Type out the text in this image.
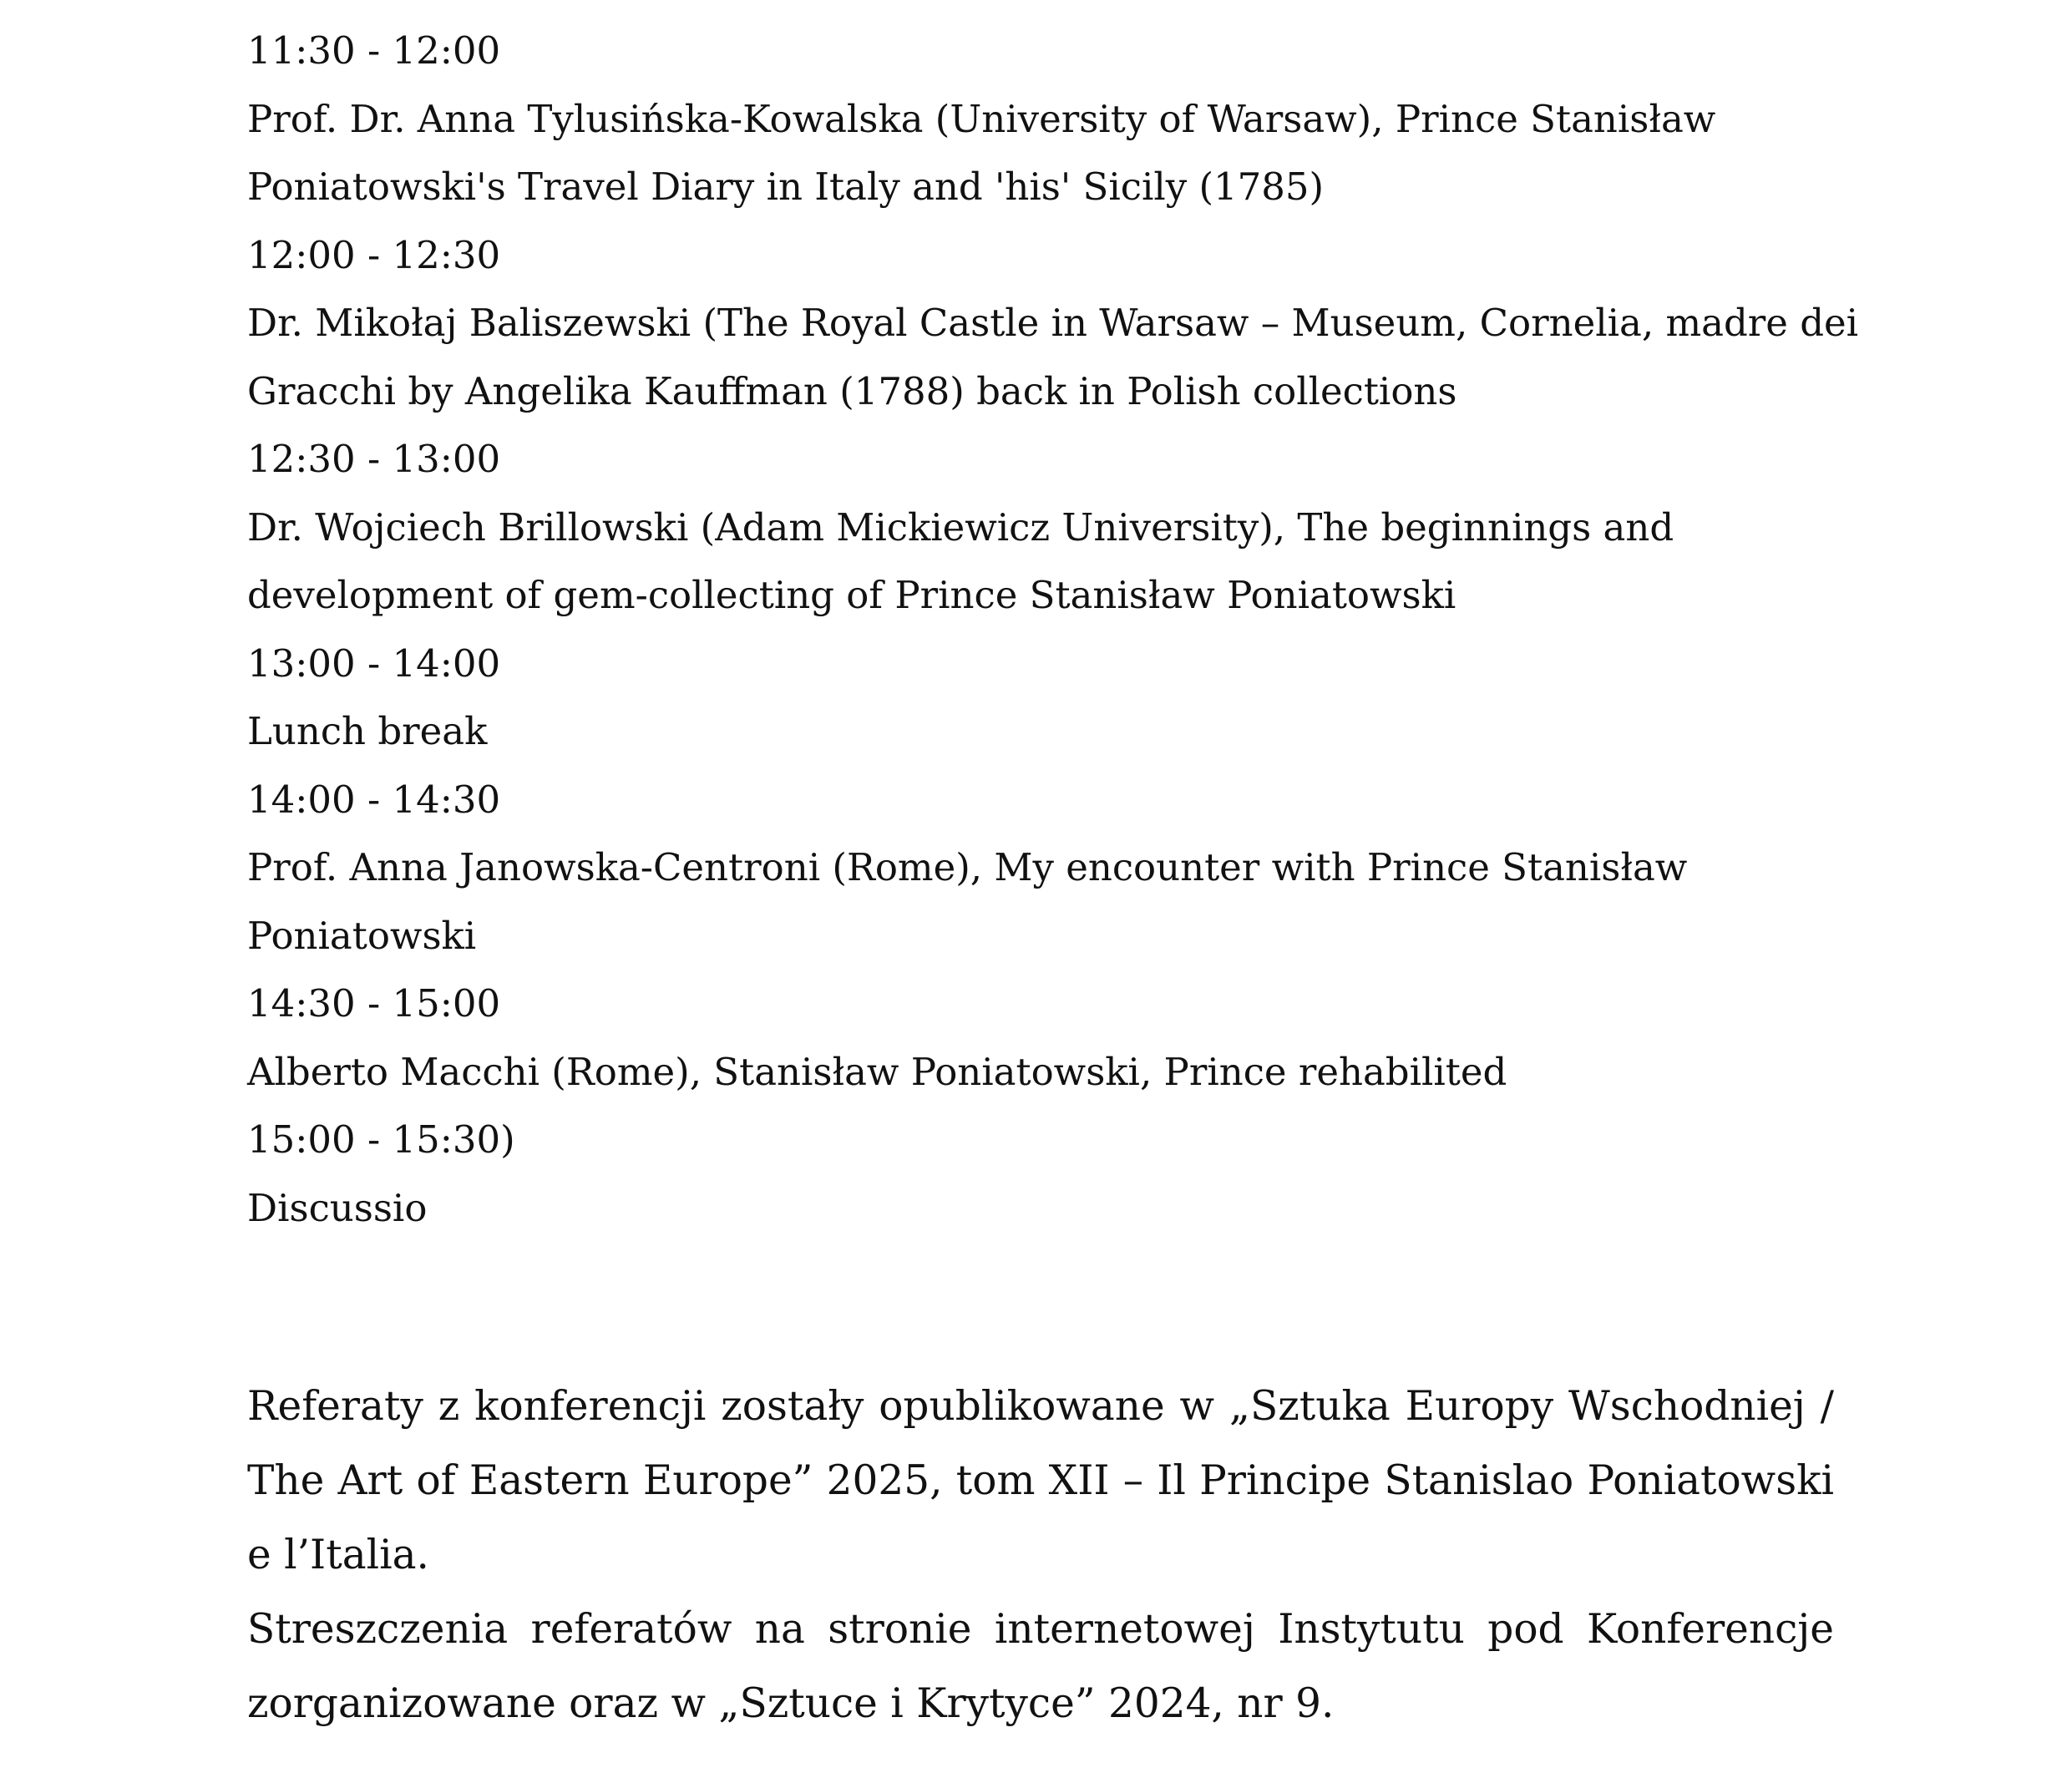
11:30 - 12:00
Prof. Dr. Anna Tylusińska-Kowalska (University of Warsaw), Prince Stanisław Poniatowski's Travel Diary in Italy and 'his' Sicily (1785)
12:00 - 12:30
Dr. Mikołaj Baliszewski (The Royal Castle in Warsaw – Museum, Cornelia, madre dei Gracchi by Angelika Kauffman (1788) back in Polish collections
12:30 - 13:00
Dr. Wojciech Brillowski (Adam Mickiewicz University), The beginnings and development of gem-collecting of Prince Stanisław Poniatowski
13:00 - 14:00
Lunch break
14:00 - 14:30
Prof. Anna Janowska-Centroni (Rome), My encounter with Prince Stanisław Poniatowski
14:30 - 15:00
Alberto Macchi (Rome), Stanisław Poniatowski, Prince rehabilited
15:00 - 15:30)
Discussio

Referaty z konferencji zostały opublikowane w „Sztuka Europy Wschodniej / The Art of Eastern Europe” 2025, tom XII – Il Principe Stanislao Poniatowski e l’Italia.

Streszczenia referatów na stronie internetowej Instytutu pod Konferencje zorganizowane oraz w „Sztuce i Krytyce” 2024, nr 9.
